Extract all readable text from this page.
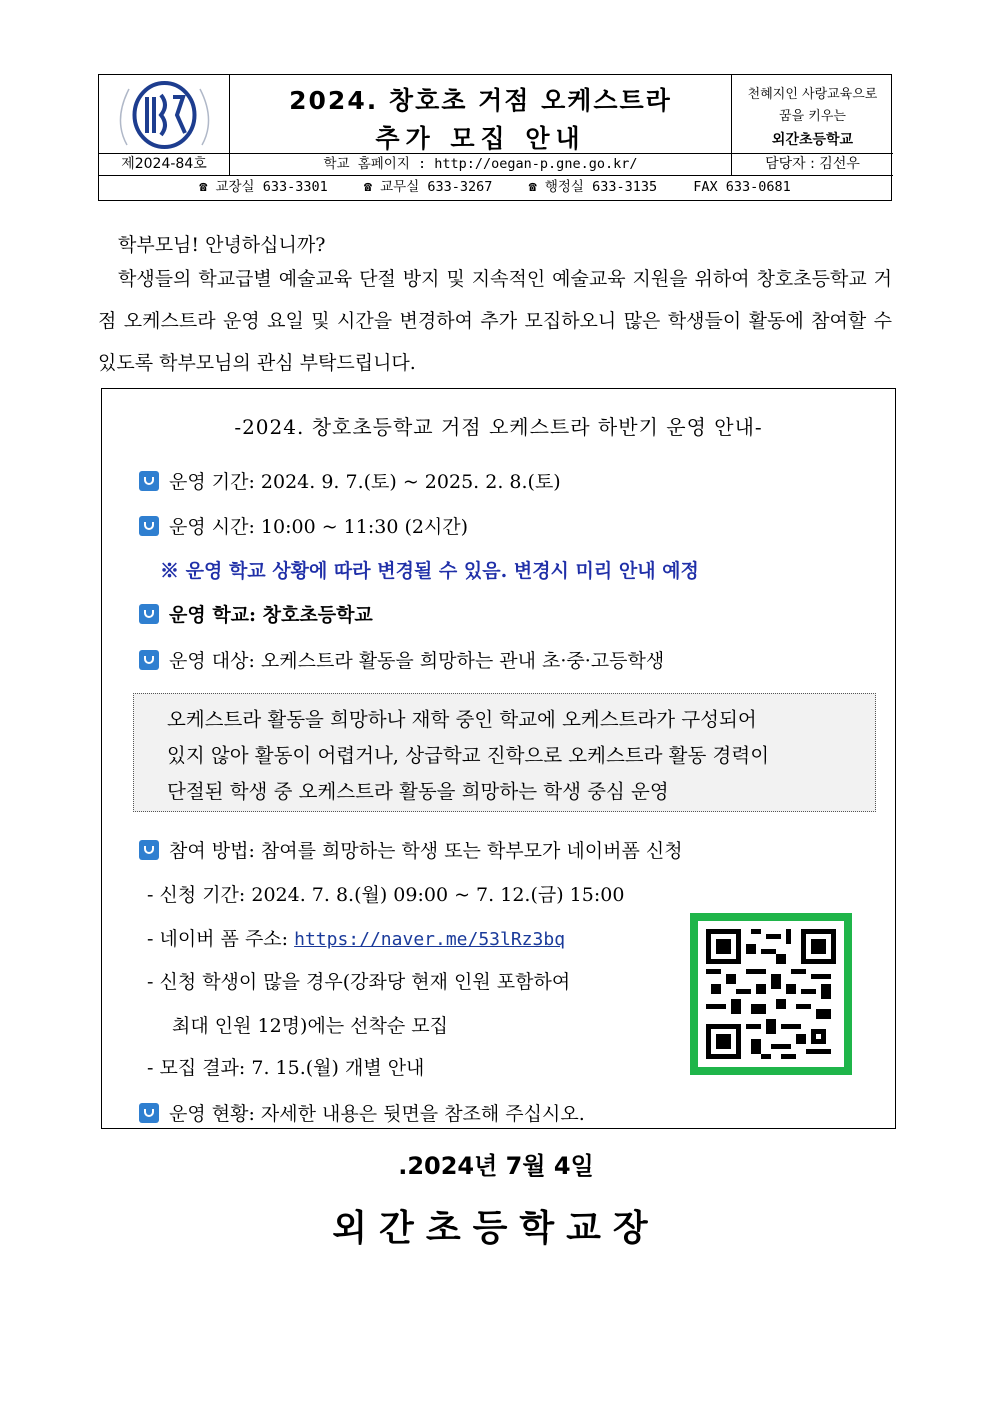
2024. 창호초 거점 오케스트라
추가 모집 안내
천혜지인 사랑교육으로
꿈을 키우는
외간초등학교
제2024-84호	학교 홈페이지 : http://oegan-p.gne.go.kr/	담당자 : 김선우
☎ 교장실 633-3301	☎ 교무실 633-3267	☎ 행정실 633-3135	FAX 633-0681
학부모님! 안녕하십니까?
학생들의 학교급별 예술교육 단절 방지 및 지속적인 예술교육 지원을 위하여 창호초등학교 거점 오케스트라 운영 요일 및 시간을 변경하여 추가 모집하오니 많은 학생들이 활동에 참여할 수 있도록 학부모님의 관심 부탁드립니다.
-2024. 창호초등학교 거점 오케스트라 하반기 운영 안내-
운영 기간: 2024. 9. 7.(토) ~ 2025. 2. 8.(토)
운영 시간: 10:00 ~ 11:30 (2시간)
※ 운영 학교 상황에 따라 변경될 수 있음. 변경시 미리 안내 예정
운영 학교: 창호초등학교
운영 대상: 오케스트라 활동을 희망하는 관내 초·중·고등학생
오케스트라 활동을 희망하나 재학 중인 학교에 오케스트라가 구성되어
있지 않아 활동이 어렵거나, 상급학교 진학으로 오케스트라 활동 경력이
단절된 학생 중 오케스트라 활동을 희망하는 학생 중심 운영
참여 방법: 참여를 희망하는 학생 또는 학부모가 네이버폼 신청
- 신청 기간: 2024. 7. 8.(월) 09:00 ~ 7. 12.(금) 15:00
- 네이버 폼 주소: https://naver.me/53lRz3bq
- 신청 학생이 많을 경우(강좌당 현재 인원 포함하여
최대 인원 12명)에는 선착순 모집
- 모집 결과: 7. 15.(월) 개별 안내
운영 현황: 자세한 내용은 뒷면을 참조해 주십시오.
.2024년 7월 4일
외간초등학교장
